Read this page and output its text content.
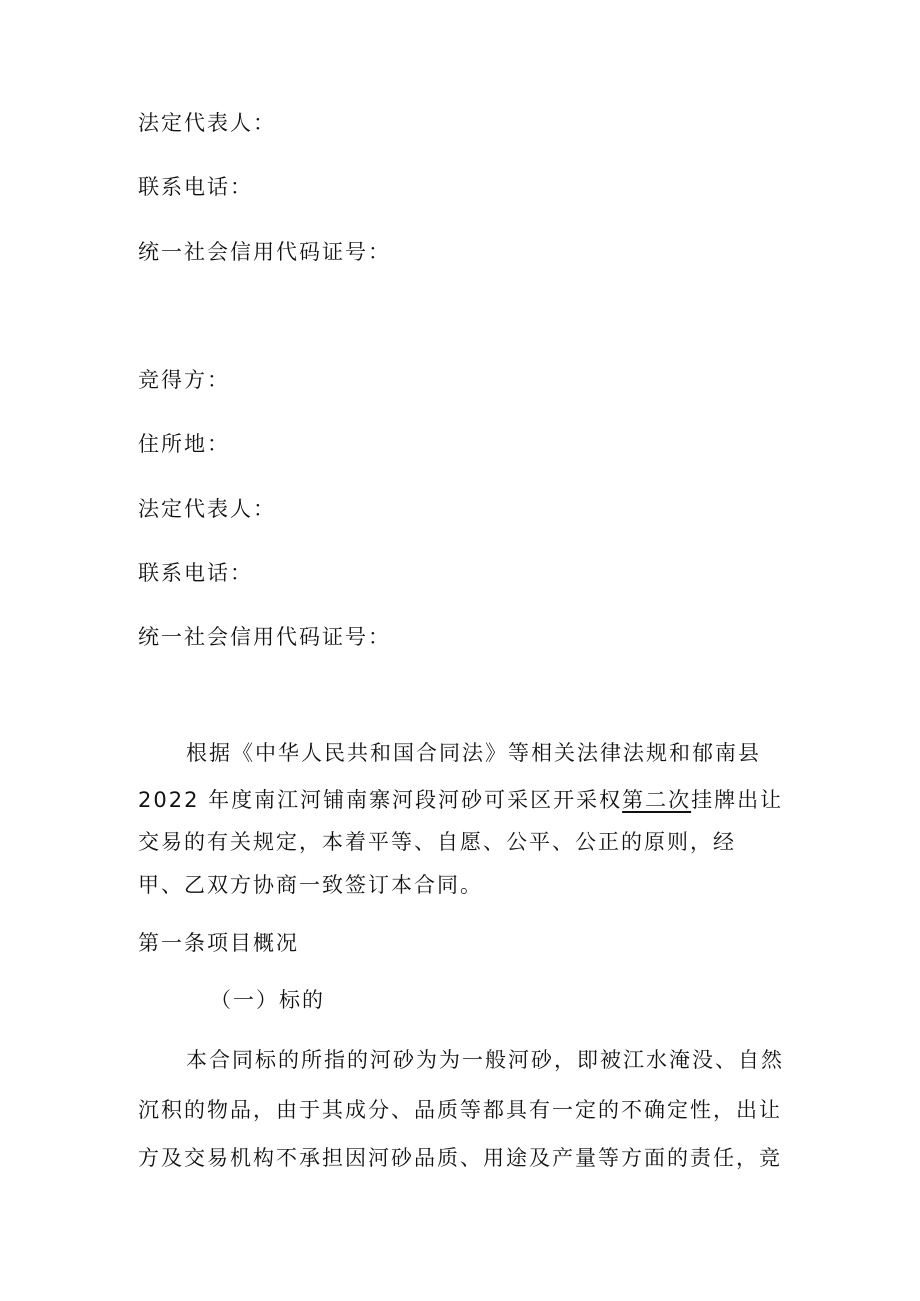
法定代表人：
联系电话：
统一社会信用代码证号：
竞得方：
住所地：
法定代表人：
联系电话：
统一社会信用代码证号：
根据《中华人民共和国合同法》等相关法律法规和郁南县
2022 年度南江河铺南寨河段河砂可采区开采权第二次挂牌出让
交易的有关规定，本着平等、自愿、公平、公正的原则，经
甲、乙双方协商一致签订本合同。
第一条项目概况
（一）标的
本合同标的所指的河砂为为一般河砂，即被江水淹没、自然
沉积的物品，由于其成分、品质等都具有一定的不确定性，出让
方及交易机构不承担因河砂品质、用途及产量等方面的责任，竞
